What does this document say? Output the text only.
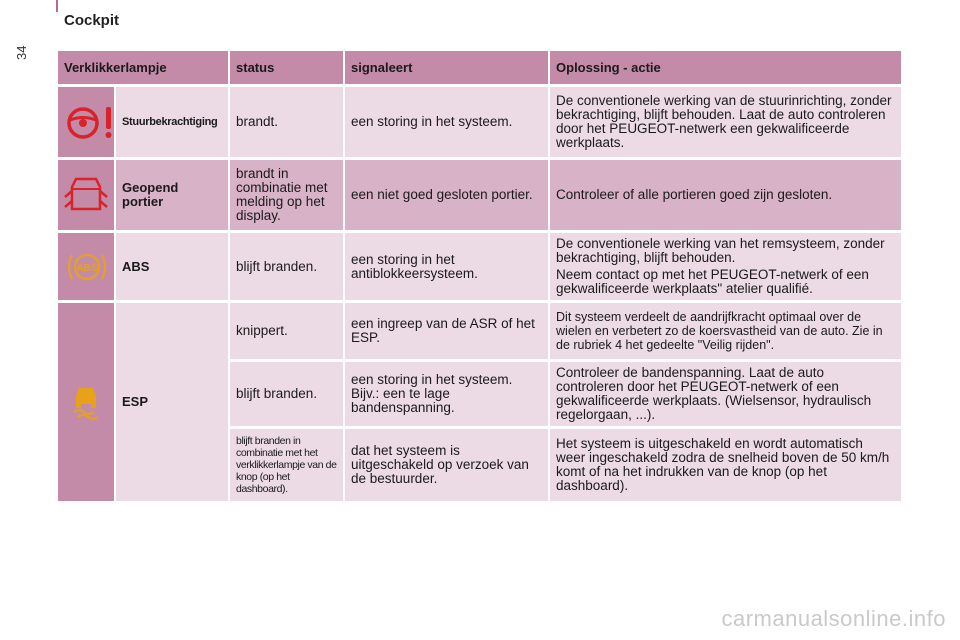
34
Cockpit
Verklikkerlampje		status	signaleert	Oplossing - actie
	Stuurbekrachtiging	brandt.	een storing in het systeem.	De conventionele werking van de stuurinrichting, zonder bekrachtiging, blijft behouden. Laat de auto controleren door het PEUGEOT-netwerk een gekwalificeerde werkplaats.
	Geopend portier	brandt in combinatie met melding op het display.	een niet goed gesloten portier.	Controleer of alle portieren goed zijn gesloten.

ABS	ABS	blijft branden.	een storing in het antiblokkeersysteem.	De conventionele werking van het remsysteem, zonder bekrachtiging, blijft behouden.
Neem contact op met het PEUGEOT-netwerk of een gekwalificeerde werkplaats" atelier qualifié.

	ESP	knippert.	een ingreep van de ASR of het ESP.	Dit systeem verdeelt de aandrijfkracht optimaal over de wielen en verbetert zo de koersvastheid van de auto. Zie in de rubriek 4 het gedeelte "Veilig rijden".
		blijft branden.	een storing in het systeem. Bijv.: een te lage bandenspanning.	Controleer de bandenspanning. Laat de auto controleren door het PEUGEOT-netwerk of een gekwalificeerde werkplaats. (Wielsensor, hydraulisch regelorgaan, ...).
		blijft branden in combinatie met het verklikkerlampje van de knop (op het dashboard).	dat het systeem is uitgeschakeld op verzoek van de bestuurder.	Het systeem is uitgeschakeld en wordt automatisch weer ingeschakeld zodra de snelheid boven de 50 km/h komt of na het indrukken van de knop (op het dashboard).
carmanualsonline.info
